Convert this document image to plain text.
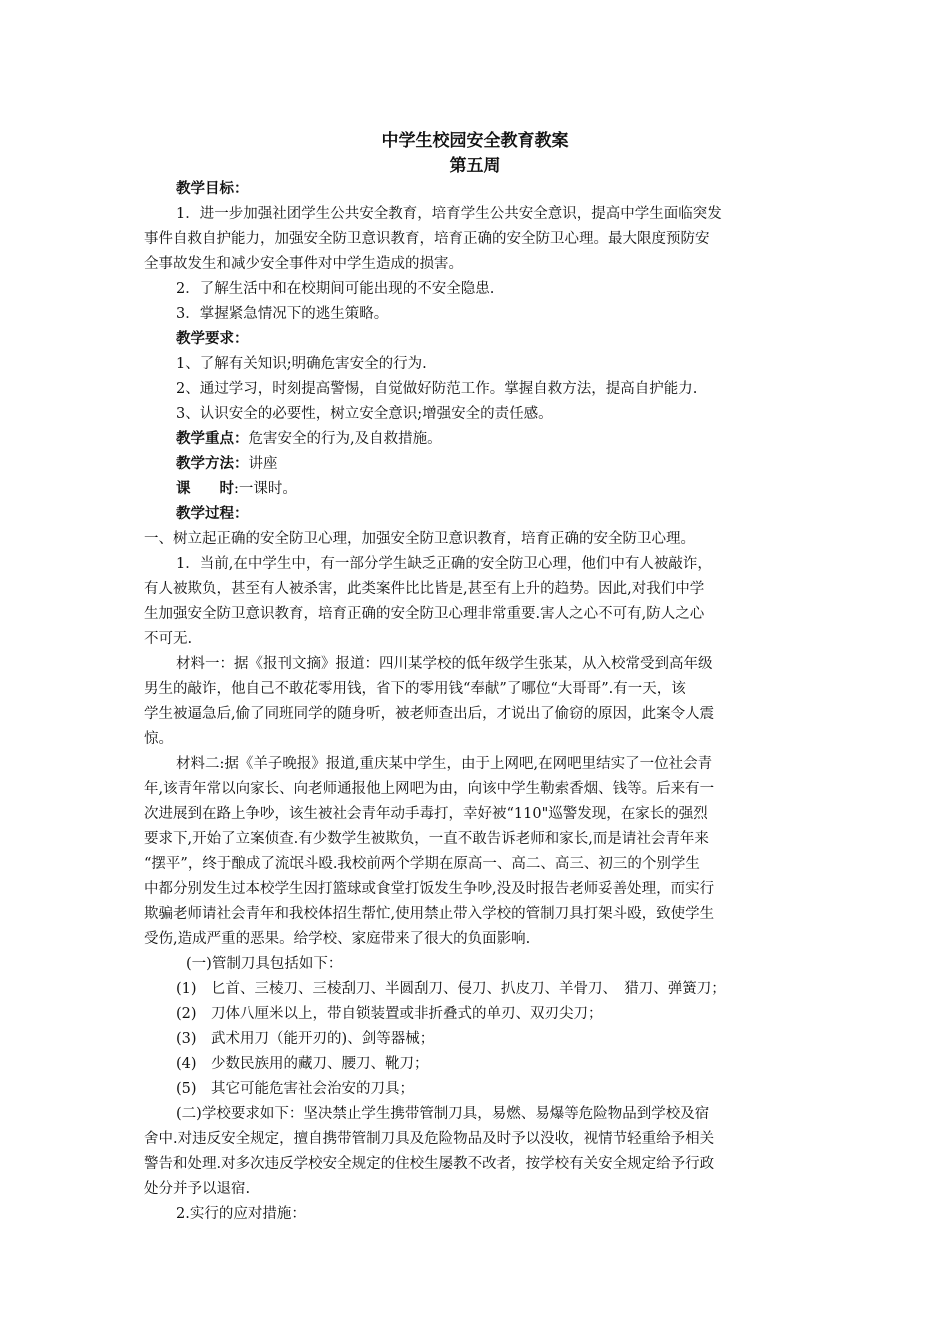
中学生校园安全教育教案
第五周
教学目标：
1．进一步加强社团学生公共安全教育，培育学生公共安全意识，提高中学生面临突发
事件自救自护能力，加强安全防卫意识教育，培育正确的安全防卫心理。最大限度预防安
全事故发生和减少安全事件对中学生造成的损害。
2．了解生活中和在校期间可能出现的不安全隐患.
3．掌握紧急情况下的逃生策略。
教学要求：
1、了解有关知识;明确危害安全的行为.
2、通过学习，时刻提高警惕，自觉做好防范工作。掌握自救方法，提高自护能力.
3、认识安全的必要性，树立安全意识;增强安全的责任感。
教学重点：危害安全的行为,及自救措施。
教学方法：讲座
课　　时:一课时。
教学过程：
一、树立起正确的安全防卫心理，加强安全防卫意识教育，培育正确的安全防卫心理。
1．当前,在中学生中，有一部分学生缺乏正确的安全防卫心理，他们中有人被敲诈，
有人被欺负，甚至有人被杀害，此类案件比比皆是,甚至有上升的趋势。因此,对我们中学
生加强安全防卫意识教育，培育正确的安全防卫心理非常重要.害人之心不可有,防人之心
不可无.
材料一：据《报刊文摘》报道：四川某学校的低年级学生张某，从入校常受到高年级
男生的敲诈，他自己不敢花零用钱，省下的零用钱“奉献”了哪位“大哥哥”.有一天，该
学生被逼急后,偷了同班同学的随身听，被老师查出后，才说出了偷窃的原因，此案令人震
惊。
材料二:据《羊子晚报》报道,重庆某中学生，由于上网吧,在网吧里结实了一位社会青
年,该青年常以向家长、向老师通报他上网吧为由，向该中学生勒索香烟、钱等。后来有一
次进展到在路上争吵，该生被社会青年动手毒打，幸好被“110"巡警发现，在家长的强烈
要求下,开始了立案侦查.有少数学生被欺负，一直不敢告诉老师和家长,而是请社会青年来
“摆平”，终于酿成了流氓斗殴.我校前两个学期在原高一、高二、高三、初三的个别学生
中都分别发生过本校学生因打篮球或食堂打饭发生争吵,没及时报告老师妥善处理，而实行
欺骗老师请社会青年和我校体招生帮忙,使用禁止带入学校的管制刀具打架斗殴，致使学生
受伤,造成严重的恶果。给学校、家庭带来了很大的负面影响.
(一)管制刀具包括如下：
(1)　匕首、三棱刀、三棱刮刀、半圆刮刀、侵刀、扒皮刀、羊骨刀、　猎刀、弹簧刀；
(2)　刀体八厘米以上，带自锁装置或非折叠式的单刃、双刃尖刀；
(3)　武术用刀（能开刃的)、剑等器械；
(4)　少数民族用的藏刀、腰刀、靴刀；
(5)　其它可能危害社会治安的刀具；
(二)学校要求如下：坚决禁止学生携带管制刀具，易燃、易爆等危险物品到学校及宿
舍中.对违反安全规定，擅自携带管制刀具及危险物品及时予以没收，视情节轻重给予相关
警告和处理.对多次违反学校安全规定的住校生屡教不改者，按学校有关安全规定给予行政
处分并予以退宿.
2.实行的应对措施：
